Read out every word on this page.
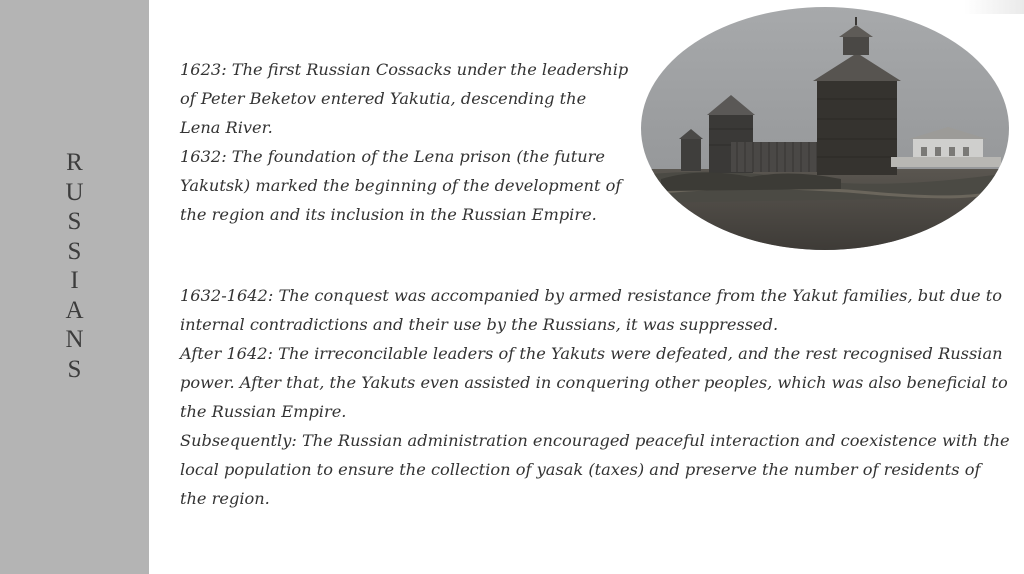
R
U
S
S
I
A
N
S

1623: The first Russian Cossacks under the leadership of Peter Beketov entered Yakutia, descending the Lena River.

1632: The foundation of the Lena prison (the future Yakutsk) marked the beginning of the development of the region and its inclusion in the Russian Empire.

1632-1642: The conquest was accompanied by armed resistance from the Yakut families, but due to internal contradictions and their use by the Russians, it was suppressed.

After 1642: The irreconcilable leaders of the Yakuts were defeated, and the rest recognised Russian power. After that, the Yakuts even assisted in conquering other peoples, which was also beneficial to the Russian Empire.

Subsequently: The Russian administration encouraged peaceful interaction and coexistence with the local population to ensure the collection of yasak (taxes) and preserve the number of residents of the region.
